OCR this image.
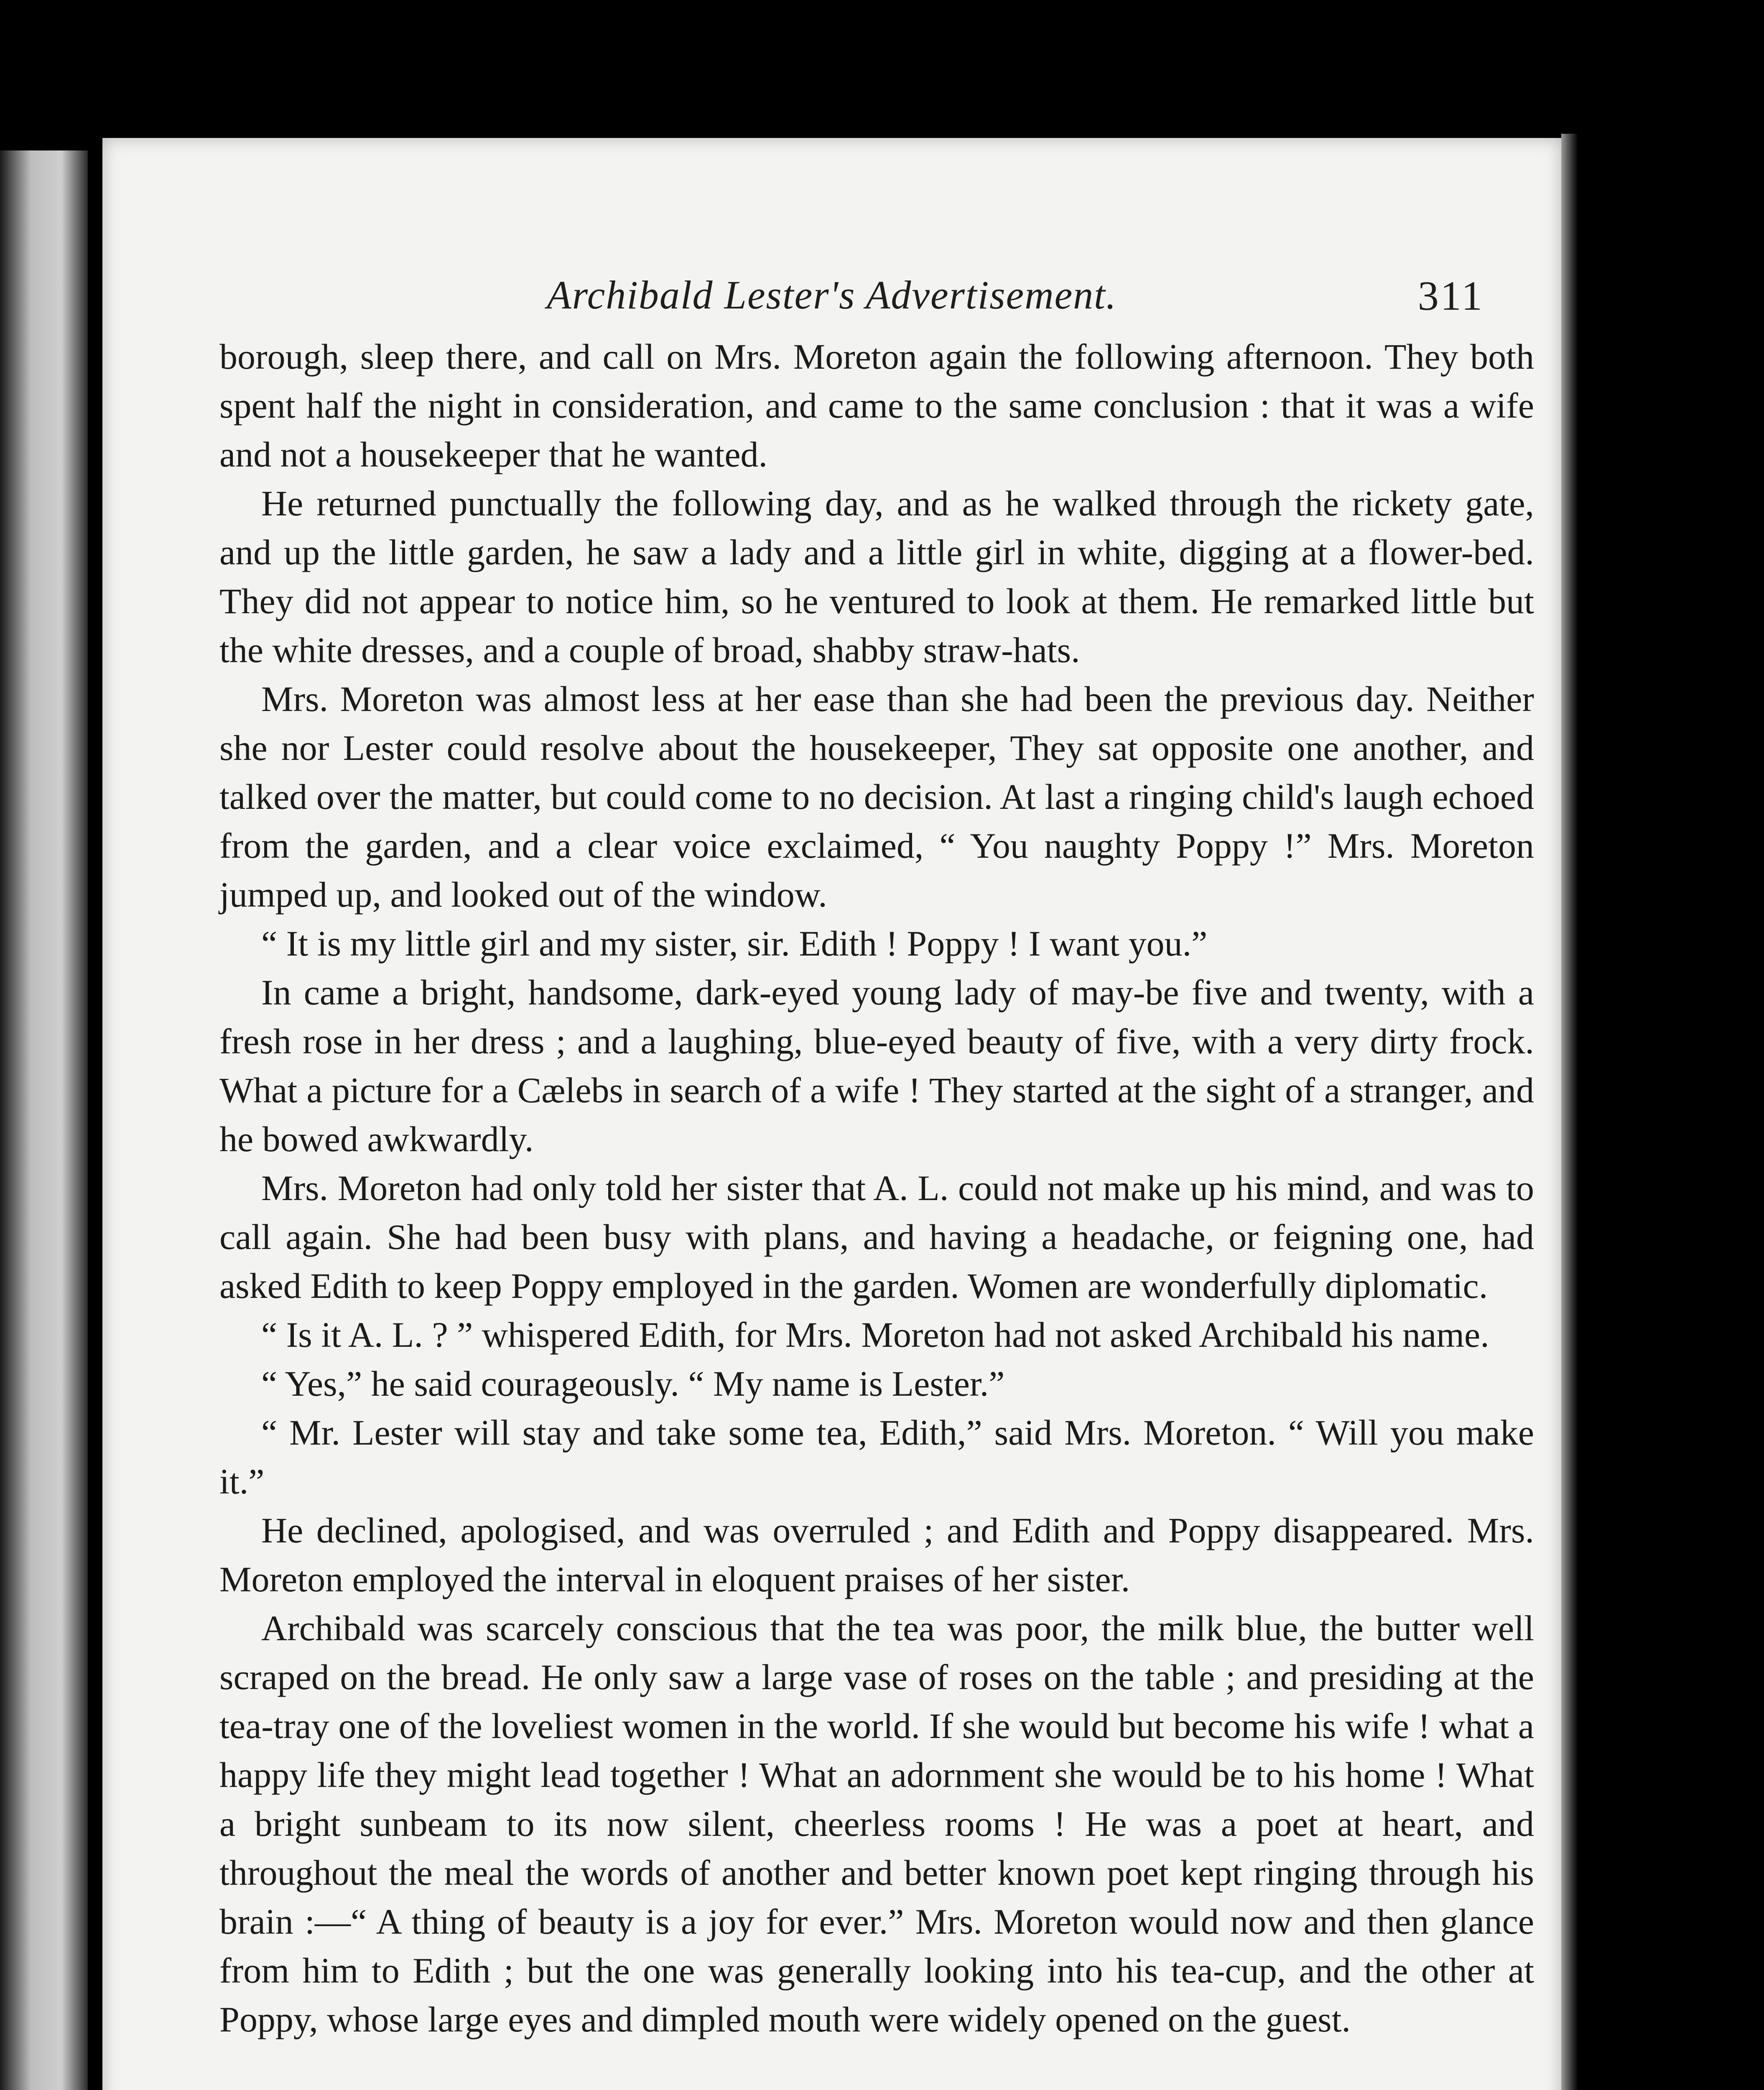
Archibald Lester's Advertisement.	311

borough, sleep there, and call on Mrs. Moreton again the following afternoon. They both spent half the night in consideration, and came to the same conclusion : that it was a wife and not a housekeeper that he wanted.

He returned punctually the following day, and as he walked through the rickety gate, and up the little garden, he saw a lady and a little girl in white, digging at a flower-bed. They did not appear to notice him, so he ventured to look at them. He remarked little but the white dresses, and a couple of broad, shabby straw-hats.

Mrs. Moreton was almost less at her ease than she had been the previous day. Neither she nor Lester could resolve about the housekeeper, They sat opposite one another, and talked over the matter, but could come to no decision. At last a ringing child's laugh echoed from the garden, and a clear voice exclaimed, “ You naughty Poppy !” Mrs. Moreton jumped up, and looked out of the window.

“ It is my little girl and my sister, sir. Edith ! Poppy ! I want you.”

In came a bright, handsome, dark-eyed young lady of may-be five and twenty, with a fresh rose in her dress ; and a laughing, blue-eyed beauty of five, with a very dirty frock. What a picture for a Cælebs in search of a wife ! They started at the sight of a stranger, and he bowed awkwardly.

Mrs. Moreton had only told her sister that A. L. could not make up his mind, and was to call again. She had been busy with plans, and having a headache, or feigning one, had asked Edith to keep Poppy employed in the garden. Women are wonderfully diplomatic.

“ Is it A. L. ? ” whispered Edith, for Mrs. Moreton had not asked Archibald his name.

“ Yes,” he said courageously. “ My name is Lester.”

“ Mr. Lester will stay and take some tea, Edith,” said Mrs. Moreton. “ Will you make it.”

He declined, apologised, and was overruled ; and Edith and Poppy disappeared. Mrs. Moreton employed the interval in eloquent praises of her sister.

Archibald was scarcely conscious that the tea was poor, the milk blue, the butter well scraped on the bread. He only saw a large vase of roses on the table ; and presiding at the tea-tray one of the loveliest women in the world. If she would but become his wife ! what a happy life they might lead together ! What an adornment she would be to his home ! What a bright sunbeam to its now silent, cheerless rooms ! He was a poet at heart, and throughout the meal the words of another and better known poet kept ringing through his brain :—“ A thing of beauty is a joy for ever.” Mrs. Moreton would now and then glance from him to Edith ; but the one was generally looking into his tea-cup, and the other at Poppy, whose large eyes and dimpled mouth were widely opened on the guest.
